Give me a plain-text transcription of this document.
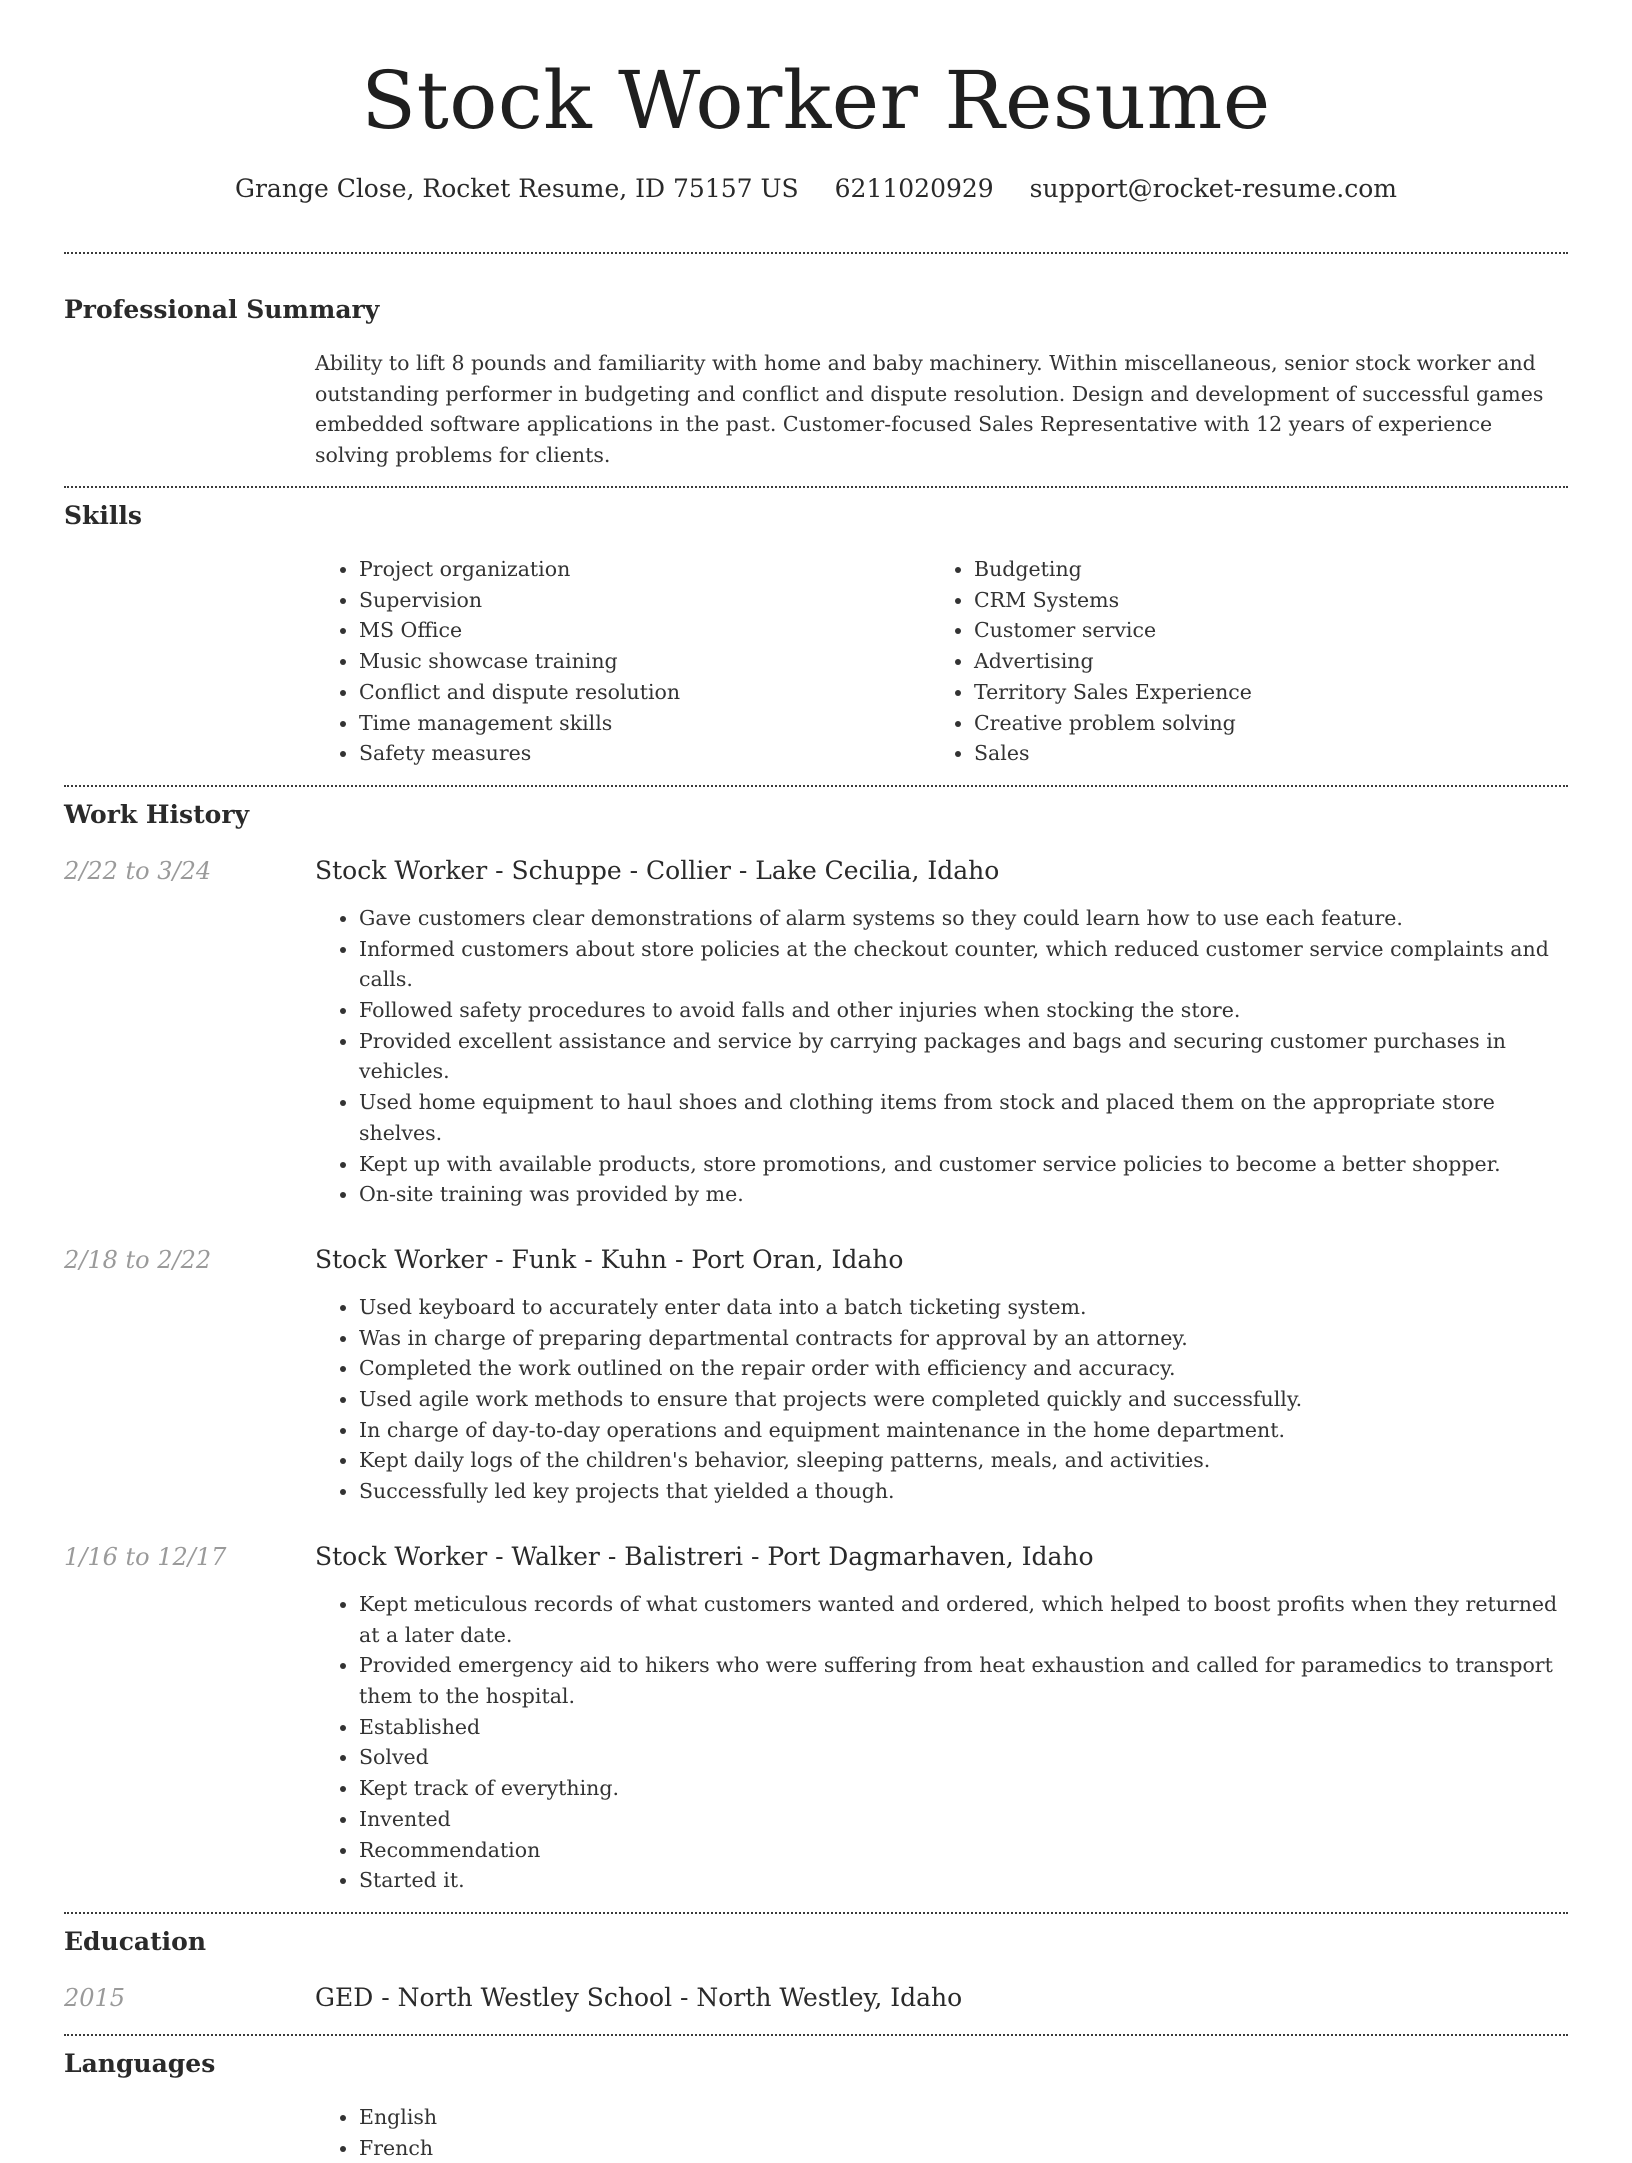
Stock Worker Resume
Grange Close, Rocket Resume, ID 75157 US 6211020929 support@rocket-resume.com
Professional Summary
Ability to lift 8 pounds and familiarity with home and baby machinery. Within miscellaneous, senior stock worker and outstanding performer in budgeting and conflict and dispute resolution. Design and development of successful games embedded software applications in the past. Customer-focused Sales Representative with 12 years of experience solving problems for clients.
Skills
• Project organization
• Supervision
• MS Office
• Music showcase training
• Conflict and dispute resolution
• Time management skills
• Safety measures
• Budgeting
• CRM Systems
• Customer service
• Advertising
• Territory Sales Experience
• Creative problem solving
• Sales
Work History
2/22 to 3/24	Stock Worker - Schuppe - Collier - Lake Cecilia, Idaho
• Gave customers clear demonstrations of alarm systems so they could learn how to use each feature.
• Informed customers about store policies at the checkout counter, which reduced customer service complaints and calls.
• Followed safety procedures to avoid falls and other injuries when stocking the store.
• Provided excellent assistance and service by carrying packages and bags and securing customer purchases in vehicles.
• Used home equipment to haul shoes and clothing items from stock and placed them on the appropriate store shelves.
• Kept up with available products, store promotions, and customer service policies to become a better shopper.
• On-site training was provided by me.
2/18 to 2/22	Stock Worker - Funk - Kuhn - Port Oran, Idaho
• Used keyboard to accurately enter data into a batch ticketing system.
• Was in charge of preparing departmental contracts for approval by an attorney.
• Completed the work outlined on the repair order with efficiency and accuracy.
• Used agile work methods to ensure that projects were completed quickly and successfully.
• In charge of day-to-day operations and equipment maintenance in the home department.
• Kept daily logs of the children's behavior, sleeping patterns, meals, and activities.
• Successfully led key projects that yielded a though.
1/16 to 12/17	Stock Worker - Walker - Balistreri - Port Dagmarhaven, Idaho
• Kept meticulous records of what customers wanted and ordered, which helped to boost profits when they returned at a later date.
• Provided emergency aid to hikers who were suffering from heat exhaustion and called for paramedics to transport them to the hospital.
• Established
• Solved
• Kept track of everything.
• Invented
• Recommendation
• Started it.
Education
2015	GED - North Westley School - North Westley, Idaho
Languages
• English
• French
